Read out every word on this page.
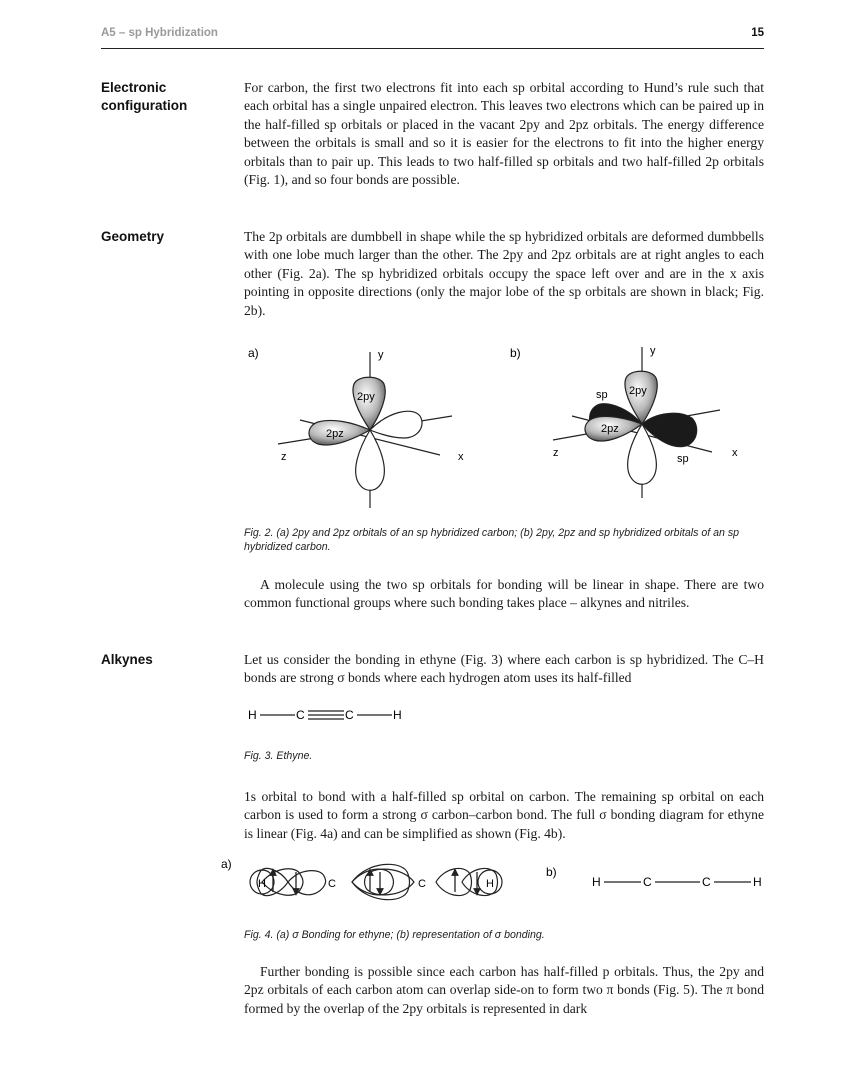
A5 – sp Hybridization	15
Electronic configuration

For carbon, the first two electrons fit into each sp orbital according to Hund’s rule such that each orbital has a single unpaired electron. This leaves two electrons which can be paired up in the half-filled sp orbitals or placed in the vacant 2py and 2pz orbitals. The energy difference between the orbitals is small and so it is easier for the electrons to fit into the higher energy orbitals than to pair up. This leads to two half-filled sp orbitals and two half-filled 2p orbitals (Fig. 1), and so four bonds are possible.

Geometry	The 2p orbitals are dumbbell in shape while the sp hybridized orbitals are deformed dumbbells with one lobe much larger than the other. The 2py and 2pz orbitals are at right angles to each other (Fig. 2a). The sp hybridized orbitals occupy the space left over and are in the x axis pointing in opposite directions (only the major lobe of the sp orbitals are shown in black; Fig. 2b).

a)	b)
2py
2pz
y
x
z
2py
2pz
sp
sp
y
x
z
Fig. 2. (a) 2py and 2pz orbitals of an sp hybridized carbon; (b) 2py, 2pz and sp hybridized orbitals of an sp hybridized carbon.

A molecule using the two sp orbitals for bonding will be linear in shape. There are two common functional groups where such bonding takes place – alkynes and nitriles.

Alkynes	Let us consider the bonding in ethyne (Fig. 3) where each carbon is sp hybridized. The C–H bonds are strong σ bonds where each hydrogen atom uses its half-filled

H	C	C	H
Fig. 3. Ethyne.

1s orbital to bond with a half-filled sp orbital on carbon. The remaining sp orbital on each carbon is used to form a strong σ carbon–carbon bond. The full σ bonding diagram for ethyne is linear (Fig. 4a) and can be simplified as shown (Fig. 4b).

a)
b)
H	C	C	H	H	C	C	H
Fig. 4. (a) σ Bonding for ethyne; (b) representation of σ bonding.

Further bonding is possible since each carbon has half-filled p orbitals. Thus, the 2py and 2pz orbitals of each carbon atom can overlap side-on to form two π bonds (Fig. 5). The π bond formed by the overlap of the 2py orbitals is represented in dark
